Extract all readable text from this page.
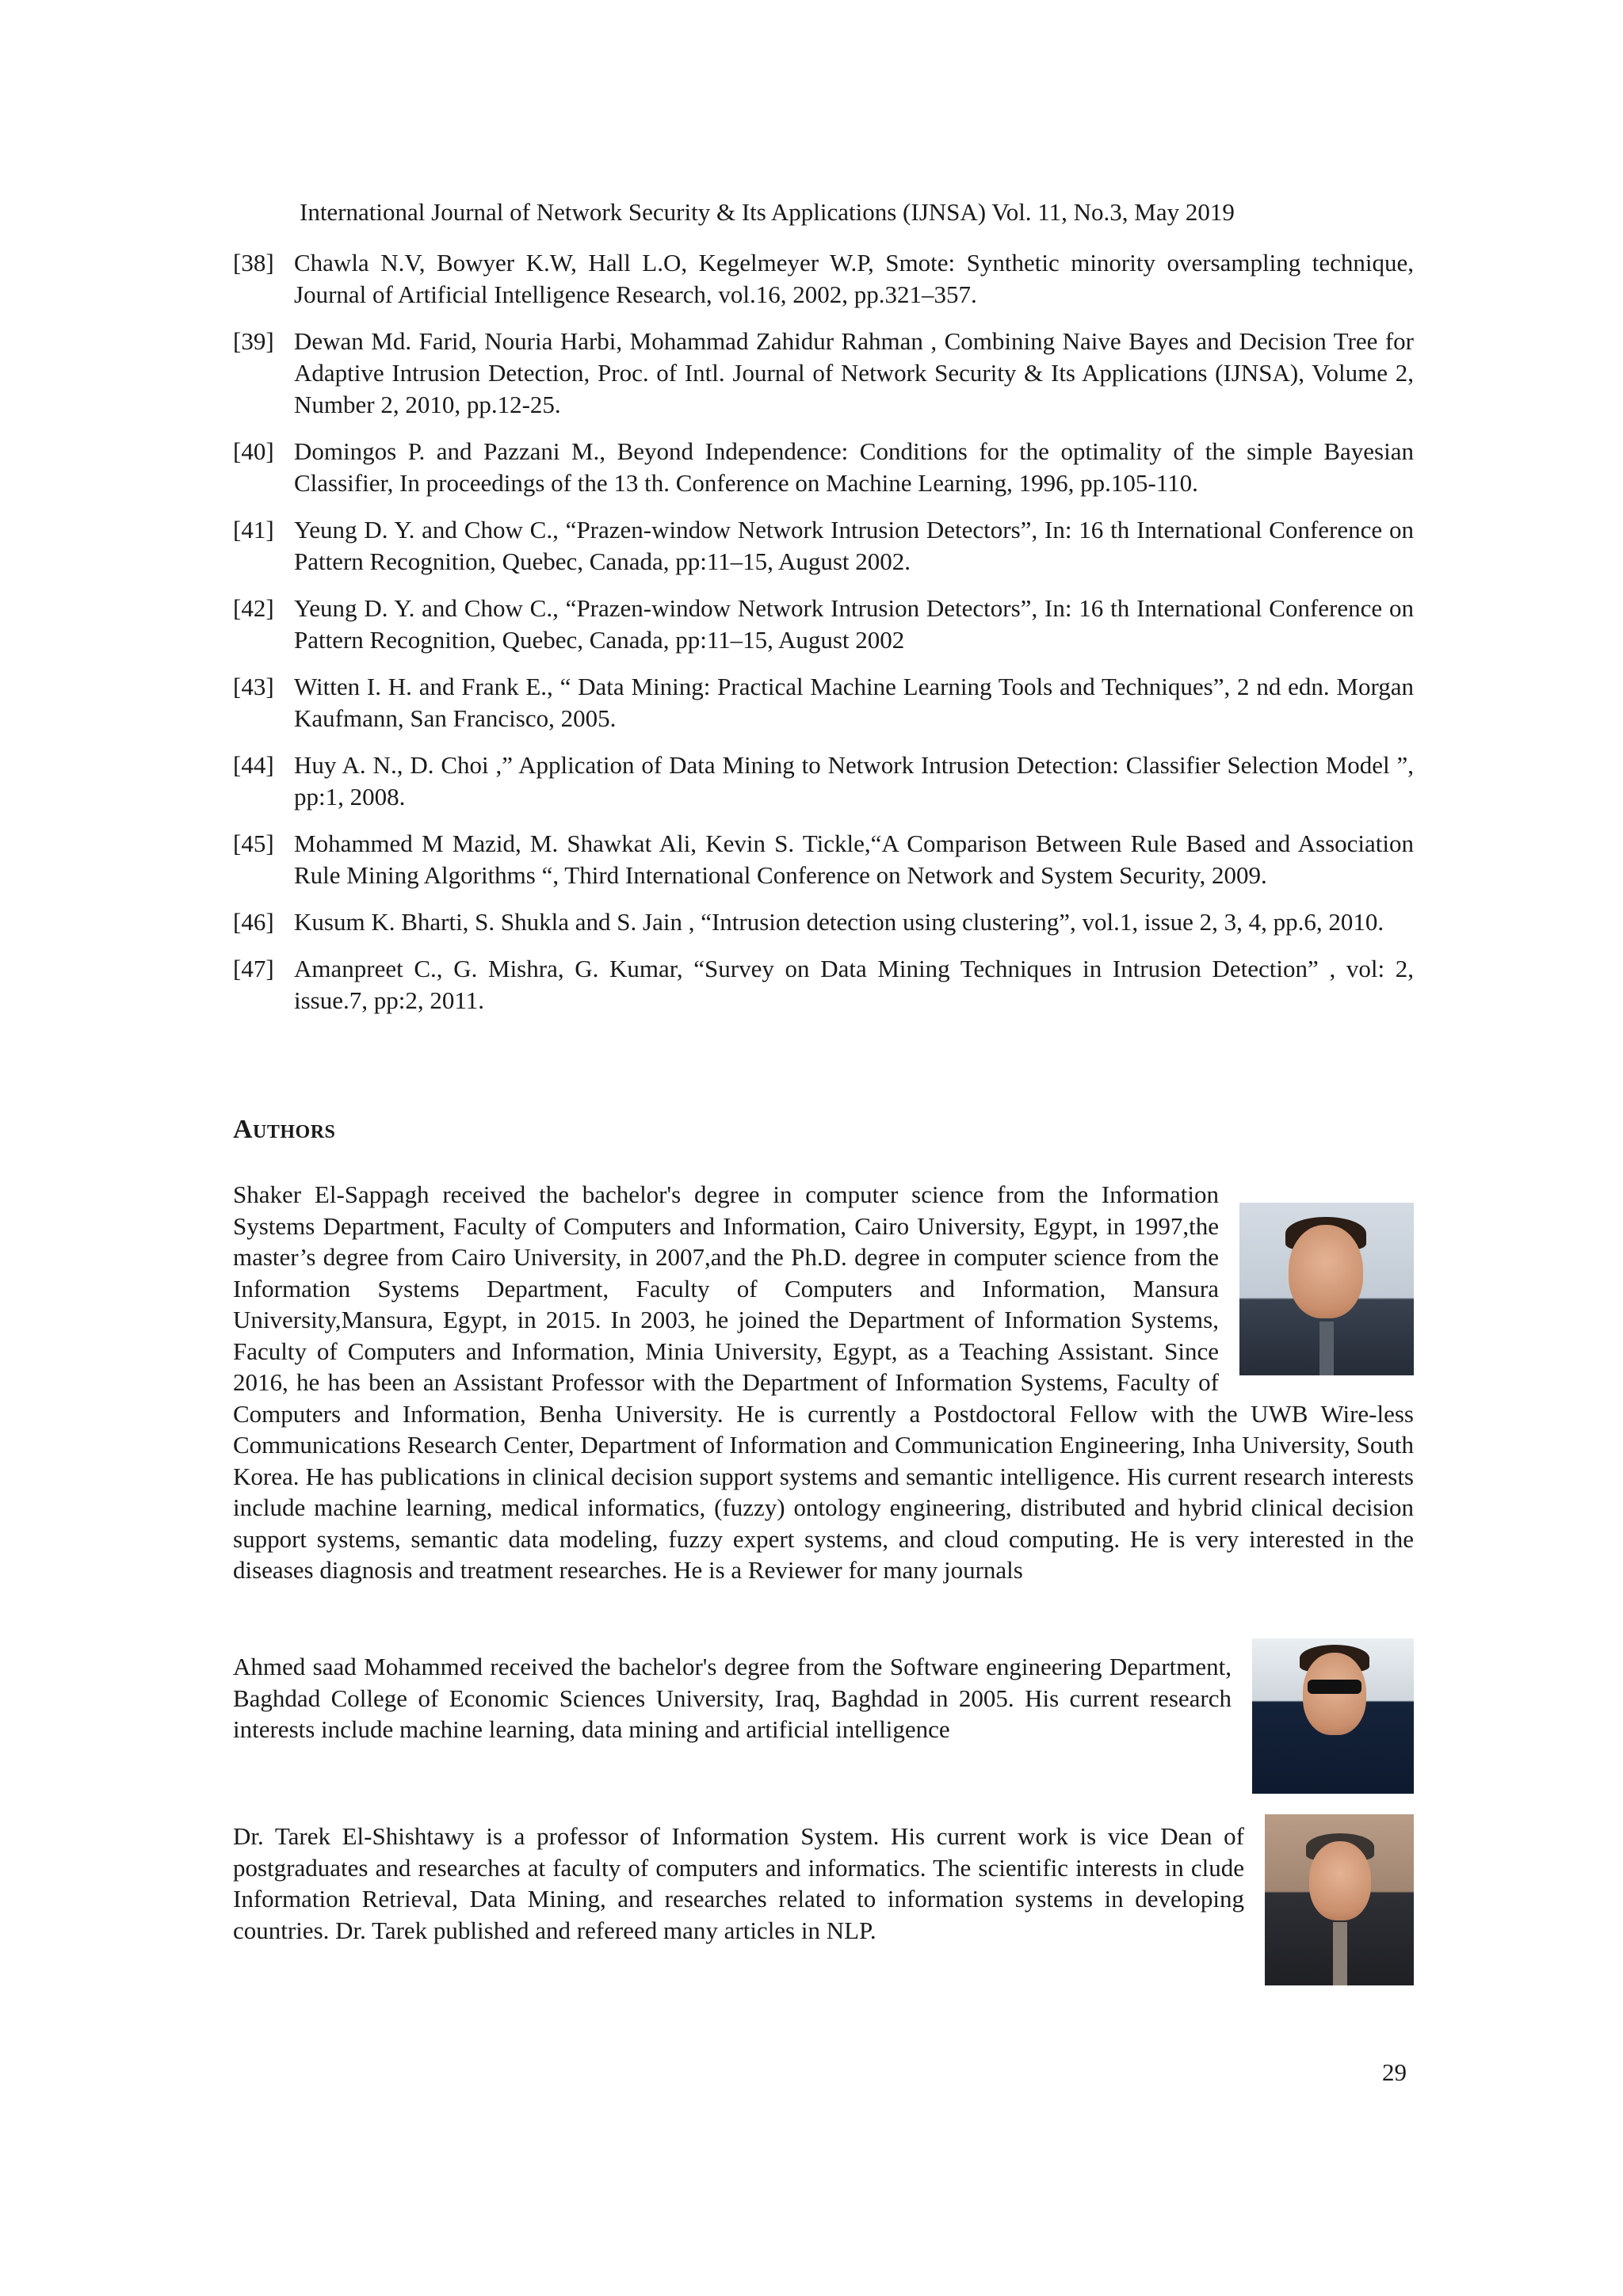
International Journal of Network Security & Its Applications (IJNSA) Vol. 11, No.3, May 2019
[38] Chawla N.V, Bowyer K.W, Hall L.O, Kegelmeyer W.P, Smote: Synthetic minority oversampling technique, Journal of Artificial Intelligence Research, vol.16, 2002, pp.321–357.
[39] Dewan Md. Farid, Nouria Harbi, Mohammad Zahidur Rahman , Combining Naive Bayes and Decision Tree for Adaptive Intrusion Detection, Proc. of Intl. Journal of Network Security & Its Applications (IJNSA), Volume 2, Number 2, 2010, pp.12-25.
[40] Domingos P. and Pazzani M., Beyond Independence: Conditions for the optimality of the simple Bayesian Classifier, In proceedings of the 13 th. Conference on Machine Learning, 1996, pp.105-110.
[41] Yeung D. Y. and Chow C., “Prazen-window Network Intrusion Detectors”, In: 16 th International Conference on Pattern Recognition, Quebec, Canada, pp:11–15, August 2002.
[42] Yeung D. Y. and Chow C., “Prazen-window Network Intrusion Detectors”, In: 16 th International Conference on Pattern Recognition, Quebec, Canada, pp:11–15, August 2002
[43] Witten I. H. and Frank E., “ Data Mining: Practical Machine Learning Tools and Techniques”, 2 nd edn. Morgan Kaufmann, San Francisco, 2005.
[44] Huy A. N., D. Choi ,” Application of Data Mining to Network Intrusion Detection: Classifier Selection Model ”, pp:1, 2008.
[45] Mohammed M Mazid, M. Shawkat Ali, Kevin S. Tickle,“A Comparison Between Rule Based and Association Rule Mining Algorithms “, Third International Conference on Network and System Security, 2009.
[46] Kusum K. Bharti, S. Shukla and S. Jain , “Intrusion detection using clustering”, vol.1, issue 2, 3, 4, pp.6, 2010.
[47] Amanpreet C., G. Mishra, G. Kumar, “Survey on Data Mining Techniques in Intrusion Detection” , vol: 2, issue.7, pp:2, 2011.
Authors
Shaker El-Sappagh received the bachelor's degree in computer science from the Information Systems Department, Faculty of Computers and Information, Cairo University, Egypt, in 1997,the master’s degree from Cairo University, in 2007,and the Ph.D. degree in computer science from the Information Systems Department, Faculty of Computers and Information, Mansura University,Mansura, Egypt, in 2015. In 2003, he joined the Department of Information Systems, Faculty of Computers and Information, Minia University, Egypt, as a Teaching Assistant. Since 2016, he has been an Assistant Professor with the Department of Information Systems, Faculty of Computers and Information, Benha University. He is currently a Postdoctoral Fellow with the UWB Wire-less Communications Research Center, Department of Information and Communication Engineering, Inha University, South Korea. He has publications in clinical decision support systems and semantic intelligence. His current research interests include machine learning, medical informatics, (fuzzy) ontology engineering, distributed and hybrid clinical decision support systems, semantic data modeling, fuzzy expert systems, and cloud computing. He is very interested in the diseases diagnosis and treatment researches. He is a Reviewer for many journals
Ahmed saad Mohammed received the bachelor's degree from the Software engineering Department, Baghdad College of Economic Sciences University, Iraq, Baghdad in 2005. His current research interests include machine learning, data mining and artificial intelligence
Dr. Tarek El-Shishtawy is a professor of Information System. His current work is vice Dean of postgraduates and researches at faculty of computers and informatics. The scientific interests in clude Information Retrieval, Data Mining, and researches related to information systems in developing countries. Dr. Tarek published and refereed many articles in NLP.
29
